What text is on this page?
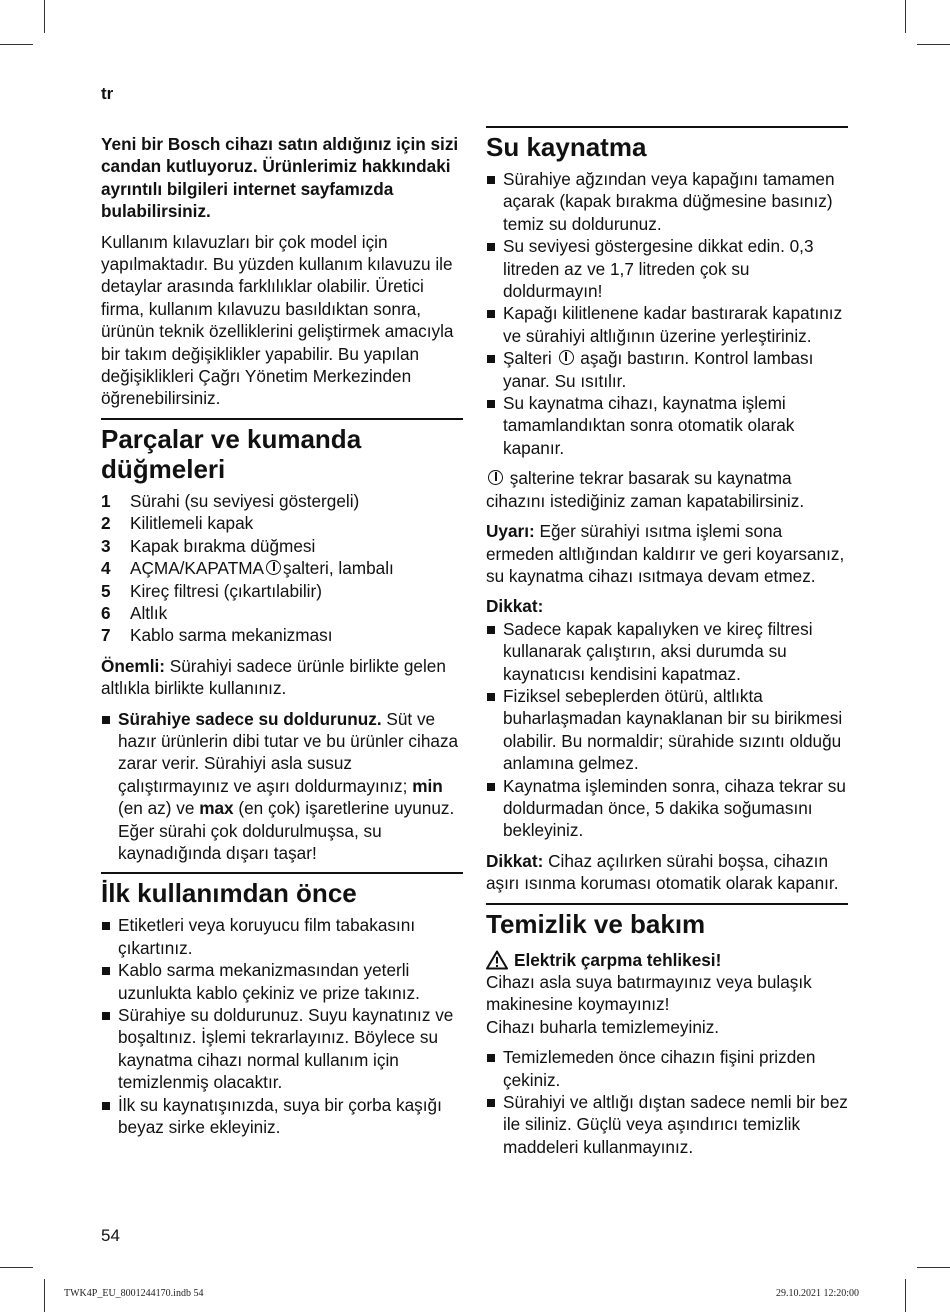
tr

Yeni bir Bosch cihazı satın aldığınız için sizi candan kutluyoruz. Ürünlerimiz hakkındaki ayrıntılı bilgileri internet sayfamızda bulabilirsiniz.

Kullanım kılavuzları bir çok model için yapılmaktadır. Bu yüzden kullanım kılavuzu ile detaylar arasında farklılıklar olabilir. Üretici firma, kullanım kılavuzu basıldıktan sonra, ürünün teknik özelliklerini geliştirmek amacıyla bir takım değişiklikler yapabilir. Bu yapılan değişiklikleri Çağrı Yönetim Merkezinden öğrenebilirsiniz.

Parçalar ve kumanda düğmeleri
1	Sürahi (su seviyesi göstergeli)
2	Kilitlemeli kapak
3	Kapak bırakma düğmesi
4	AÇMA/KAPATMA şalteri, lambalı
5	Kireç filtresi (çıkartılabilir)
6	Altlık
7	Kablo sarma mekanizması

Önemli: Sürahiyi sadece ürünle birlikte gelen altlıkla birlikte kullanınız.

Sürahiye sadece su doldurunuz. Süt ve hazır ürünlerin dibi tutar ve bu ürünler cihaza zarar verir. Sürahiyi asla susuz çalıştırmayınız ve aşırı doldurmayınız; min (en az) ve max (en çok) işaretlerine uyunuz. Eğer sürahi çok doldurulmuşsa, su kaynadığında dışarı taşar!
İlk kullanımdan önce
Etiketleri veya koruyucu film tabakasını çıkartınız.
Kablo sarma mekanizmasından yeterli uzunlukta kablo çekiniz ve prize takınız.
Sürahiye su doldurunuz. Suyu kaynatınız ve boşaltınız. İşlemi tekrarlayınız. Böylece su kaynatma cihazı normal kullanım için temizlenmiş olacaktır.
İlk su kaynatışınızda, suya bir çorba kaşığı beyaz sirke ekleyiniz.
Su kaynatma
Sürahiye ağzından veya kapağını tamamen açarak (kapak bırakma düğmesine basınız) temiz su doldurunuz.
Su seviyesi göstergesine dikkat edin. 0,3 litreden az ve 1,7 litreden çok su doldurmayın!
Kapağı kilitlenene kadar bastırarak kapatınız ve sürahiyi altlığının üzerine yerleştiriniz.
Şalteri aşağı bastırın. Kontrol lambası yanar. Su ısıtılır.
Su kaynatma cihazı, kaynatma işlemi tamamlandıktan sonra otomatik olarak kapanır.

şalterine tekrar basarak su kaynatma cihazını istediğiniz zaman kapatabilirsiniz.

Uyarı: Eğer sürahiyi ısıtma işlemi sona ermeden altlığından kaldırır ve geri koyarsanız, su kaynatma cihazı ısıtmaya devam etmez.

Dikkat:

Sadece kapak kapalıyken ve kireç filtresi kullanarak çalıştırın, aksi durumda su kaynatıcısı kendisini kapatmaz.
Fiziksel sebeplerden ötürü, altlıkta buharlaşmadan kaynaklanan bir su birikmesi olabilir. Bu normaldir; sürahide sızıntı olduğu anlamına gelmez.
Kaynatma işleminden sonra, cihaza tekrar su doldurmadan önce, 5 dakika soğumasını bekleyiniz.

Dikkat: Cihaz açılırken sürahi boşsa, cihazın aşırı ısınma koruması otomatik olarak kapanır.

Temizlik ve bakım
Elektrik çarpma tehlikesi!

Cihazı asla suya batırmayınız veya bulaşık makinesine koymayınız!

Cihazı buharla temizlemeyiniz.

Temizlemeden önce cihazın fişini prizden çekiniz.
Sürahiyi ve altlığı dıştan sadece nemli bir bez ile siliniz. Güçlü veya aşındırıcı temizlik maddeleri kullanmayınız.
54
TWK4P_EU_8001244170.indb 54	29.10.2021 12:20:00
